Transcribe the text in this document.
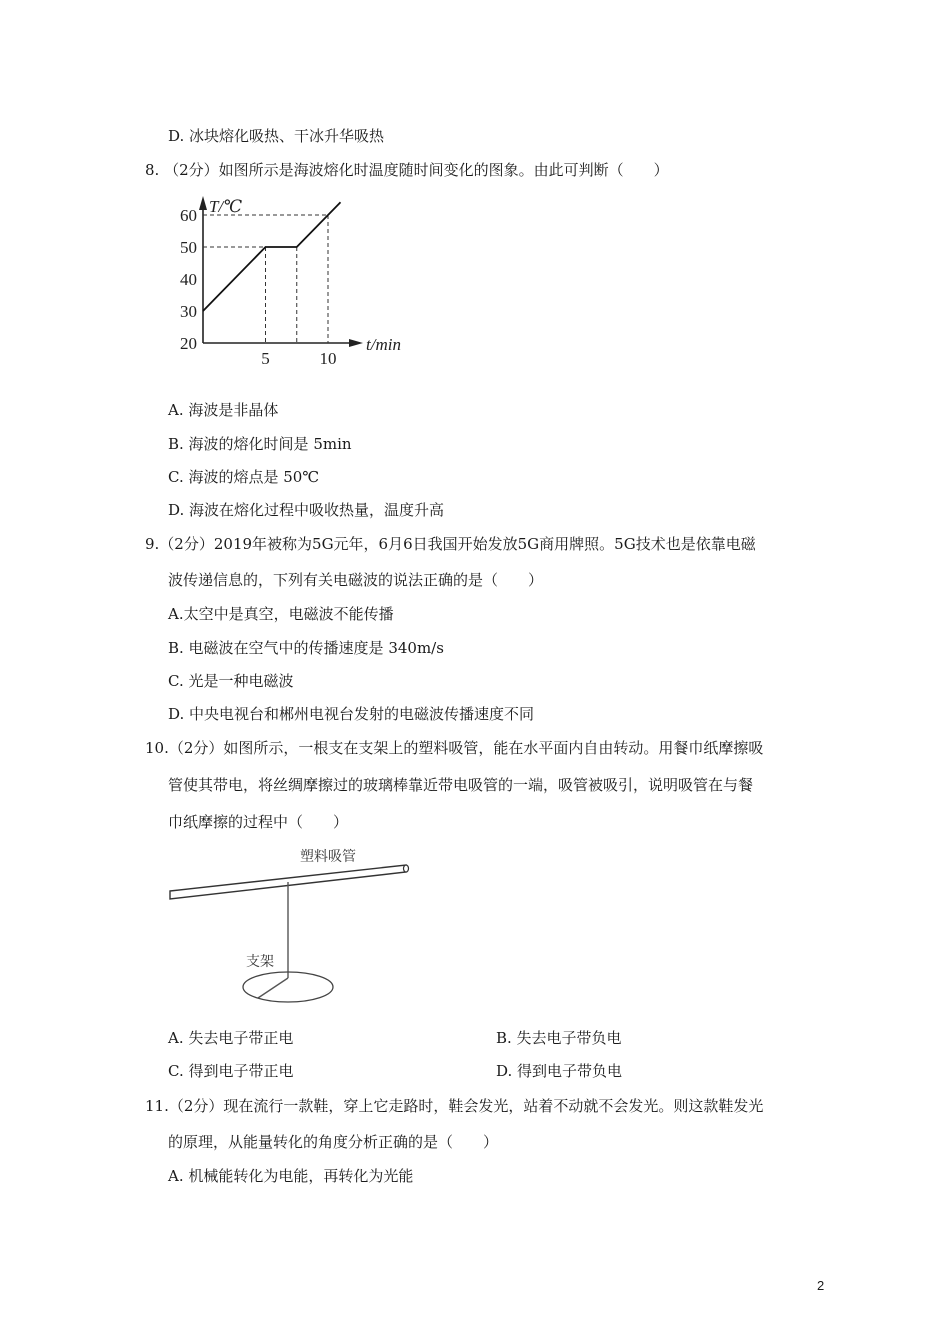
D. 冰块熔化吸热、干冰升华吸热
8. （2分）如图所示是海波熔化时温度随时间变化的图象。由此可判断（　　）
20
30
40
50
60
5	10
T/℃
t/min
A. 海波是非晶体
B. 海波的熔化时间是 5min
C. 海波的熔点是 50℃
D. 海波在熔化过程中吸收热量，温度升高
9.（2分）2019年被称为5G元年，6月6日我国开始发放5G商用牌照。5G技术也是依靠电磁
波传递信息的，下列有关电磁波的说法正确的是（　　）
A.太空中是真空，电磁波不能传播
B. 电磁波在空气中的传播速度是 340m/s
C. 光是一种电磁波
D. 中央电视台和郴州电视台发射的电磁波传播速度不同
10.（2分）如图所示，一根支在支架上的塑料吸管，能在水平面内自由转动。用餐巾纸摩擦吸
管使其带电，将丝绸摩擦过的玻璃棒靠近带电吸管的一端，吸管被吸引，说明吸管在与餐
巾纸摩擦的过程中（　　）
塑料吸管
支架
A. 失去电子带正电	B. 失去电子带负电
C. 得到电子带正电	D. 得到电子带负电
11.（2分）现在流行一款鞋，穿上它走路时，鞋会发光，站着不动就不会发光。则这款鞋发光
的原理，从能量转化的角度分析正确的是（　　）
A. 机械能转化为电能，再转化为光能
2
